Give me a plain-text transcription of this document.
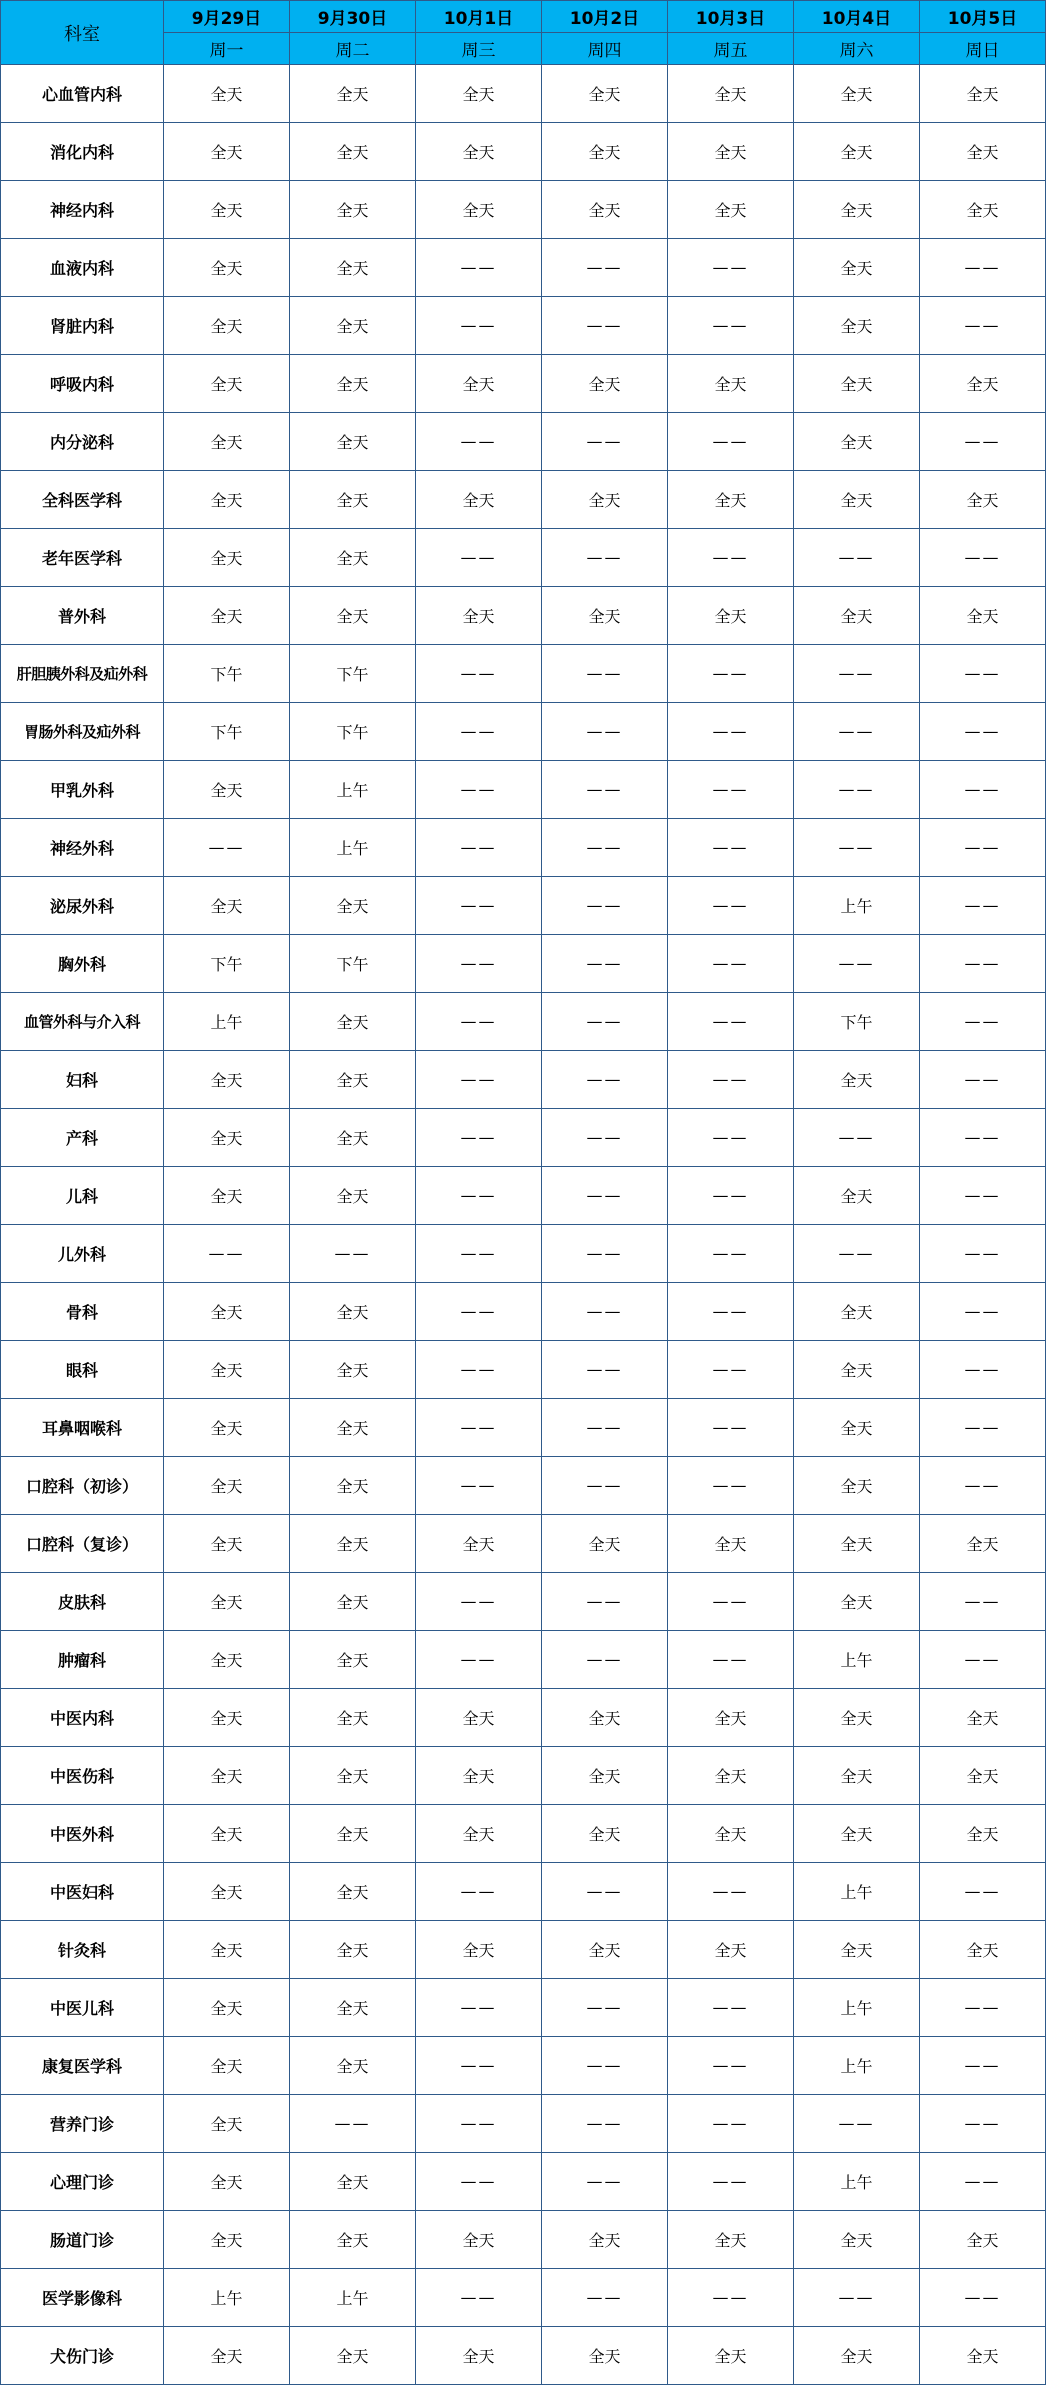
科室	9月29日	9月30日	10月1日	10月2日	10月3日	10月4日	10月5日
	周一	周二	周三	周四	周五	周六	周日
心血管内科	全天	全天	全天	全天	全天	全天	全天
消化内科	全天	全天	全天	全天	全天	全天	全天
神经内科	全天	全天	全天	全天	全天	全天	全天
血液内科	全天	全天	——	——	——	全天	——
肾脏内科	全天	全天	——	——	——	全天	——
呼吸内科	全天	全天	全天	全天	全天	全天	全天
内分泌科	全天	全天	——	——	——	全天	——
全科医学科	全天	全天	全天	全天	全天	全天	全天
老年医学科	全天	全天	——	——	——	——	——
普外科	全天	全天	全天	全天	全天	全天	全天
肝胆胰外科及疝外科	下午	下午	——	——	——	——	——
胃肠外科及疝外科	下午	下午	——	——	——	——	——
甲乳外科	全天	上午	——	——	——	——	——
神经外科	——	上午	——	——	——	——	——
泌尿外科	全天	全天	——	——	——	上午	——
胸外科	下午	下午	——	——	——	——	——
血管外科与介入科	上午	全天	——	——	——	下午	——
妇科	全天	全天	——	——	——	全天	——
产科	全天	全天	——	——	——	——	——
儿科	全天	全天	——	——	——	全天	——
儿外科	——	——	——	——	——	——	——
骨科	全天	全天	——	——	——	全天	——
眼科	全天	全天	——	——	——	全天	——
耳鼻咽喉科	全天	全天	——	——	——	全天	——
口腔科（初诊）	全天	全天	——	——	——	全天	——
口腔科（复诊）	全天	全天	全天	全天	全天	全天	全天
皮肤科	全天	全天	——	——	——	全天	——
肿瘤科	全天	全天	——	——	——	上午	——
中医内科	全天	全天	全天	全天	全天	全天	全天
中医伤科	全天	全天	全天	全天	全天	全天	全天
中医外科	全天	全天	全天	全天	全天	全天	全天
中医妇科	全天	全天	——	——	——	上午	——
针灸科	全天	全天	全天	全天	全天	全天	全天
中医儿科	全天	全天	——	——	——	上午	——
康复医学科	全天	全天	——	——	——	上午	——
营养门诊	全天	——	——	——	——	——	——
心理门诊	全天	全天	——	——	——	上午	——
肠道门诊	全天	全天	全天	全天	全天	全天	全天
医学影像科	上午	上午	——	——	——	——	——
犬伤门诊	全天	全天	全天	全天	全天	全天	全天
